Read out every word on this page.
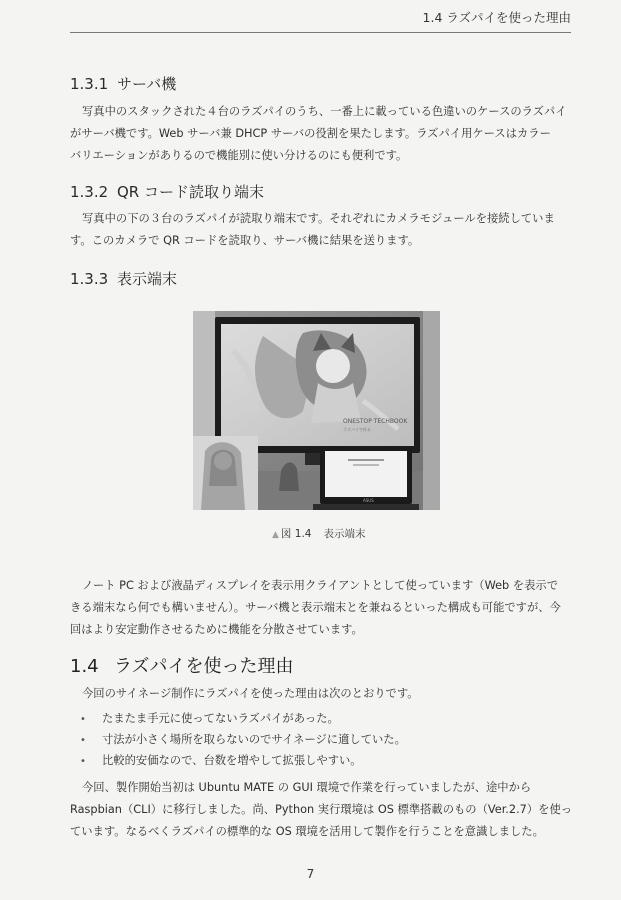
1.4 ラズパイを使った理由
1.3.1 サーバ機
写真中のスタックされた４台のラズパイのうち、一番上に載っている色違いのケースのラズパイ
がサーバ機です。Web サーバ兼 DHCP サーバの役割を果たします。ラズパイ用ケースはカラー
バリエーションがありるので機能別に使い分けるのにも便利です。
1.3.2 QR コード読取り端末
写真中の下の３台のラズパイが読取り端末です。それぞれにカメラモジュールを接続していま
す。このカメラで QR コードを読取り、サーバ機に結果を送ります。
1.3.3 表示端末
ONESTOP TECHBOOK
ラズパイで作る
ASUS
▲ 図 1.4 表示端末
ノート PC および液晶ディスプレイを表示用クライアントとして使っています（Web を表示で
きる端末なら何でも構いません）。サーバ機と表示端末とを兼ねるといった構成も可能ですが、今
回はより安定動作させるために機能を分散させています。
1.4 ラズパイを使った理由
今回のサイネージ制作にラズパイを使った理由は次のとおりです。
• たまたま手元に使ってないラズパイがあった。
• 寸法が小さく場所を取らないのでサイネージに適していた。
• 比較的安価なので、台数を増やして拡張しやすい。
今回、製作開始当初は Ubuntu MATE の GUI 環境で作業を行っていましたが、途中から
Raspbian（CLI）に移行しました。尚、Python 実行環境は OS 標準搭載のもの（Ver.2.7）を使っ
ています。なるべくラズパイの標準的な OS 環境を活用して製作を行うことを意識しました。
7
